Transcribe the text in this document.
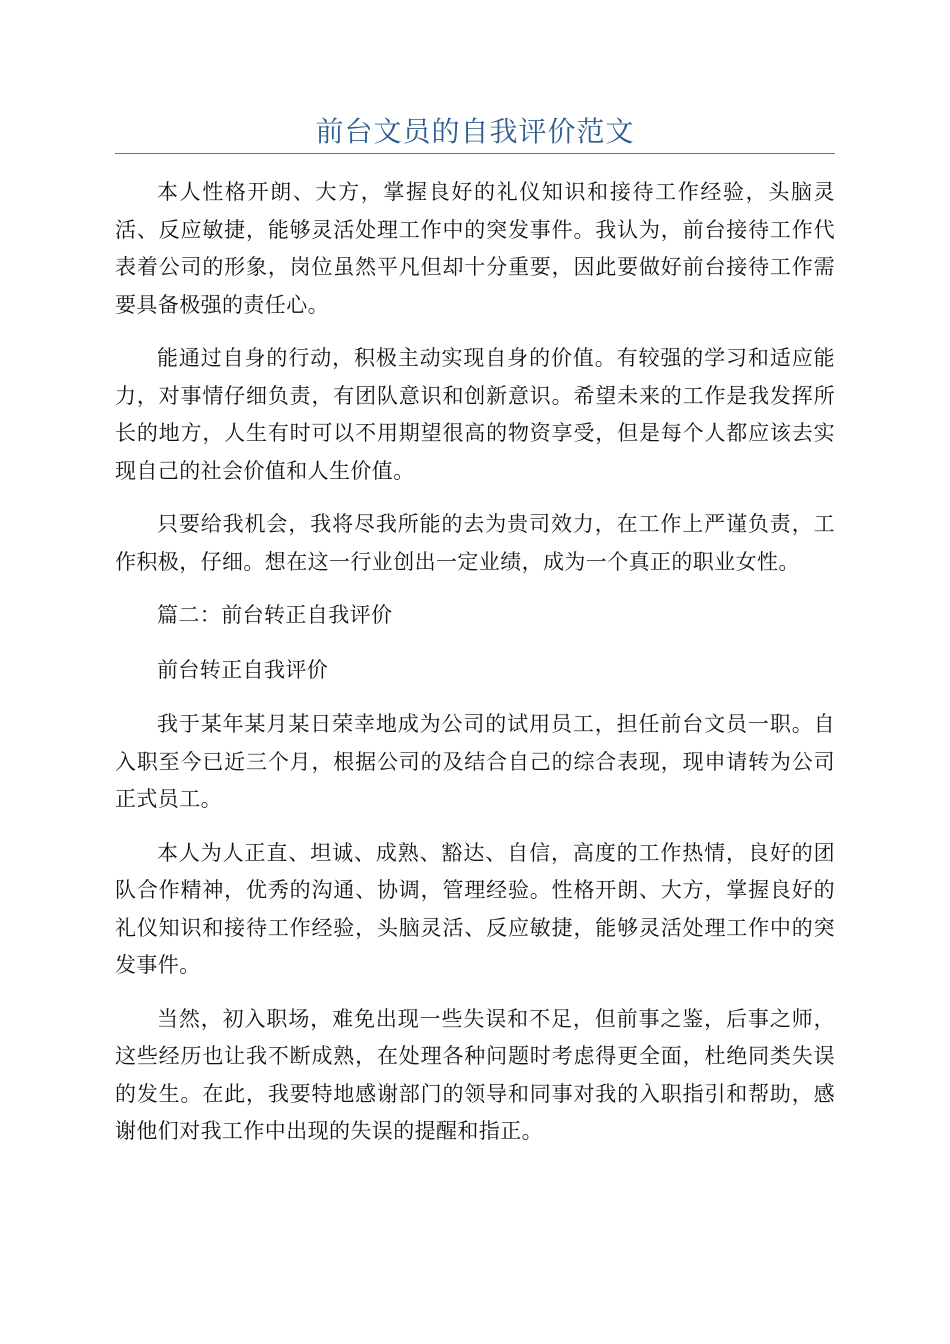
前台文员的自我评价范文

本人性格开朗、大方，掌握良好的礼仪知识和接待工作经验，头脑灵活、反应敏捷，能够灵活处理工作中的突发事件。我认为，前台接待工作代表着公司的形象，岗位虽然平凡但却十分重要，因此要做好前台接待工作需要具备极强的责任心。

能通过自身的行动，积极主动实现自身的价值。有较强的学习和适应能力，对事情仔细负责，有团队意识和创新意识。希望未来的工作是我发挥所长的地方，人生有时可以不用期望很高的物资享受，但是每个人都应该去实现自己的社会价值和人生价值。

只要给我机会，我将尽我所能的去为贵司效力，在工作上严谨负责，工作积极，仔细。想在这一行业创出一定业绩，成为一个真正的职业女性。

篇二：前台转正自我评价

前台转正自我评价

我于某年某月某日荣幸地成为公司的试用员工，担任前台文员一职。自入职至今已近三个月，根据公司的及结合自己的综合表现，现申请转为公司正式员工。

本人为人正直、坦诚、成熟、豁达、自信，高度的工作热情，良好的团队合作精神，优秀的沟通、协调，管理经验。性格开朗、大方，掌握良好的礼仪知识和接待工作经验，头脑灵活、反应敏捷，能够灵活处理工作中的突发事件。

当然，初入职场，难免出现一些失误和不足，但前事之鉴，后事之师，这些经历也让我不断成熟，在处理各种问题时考虑得更全面，杜绝同类失误的发生。在此，我要特地感谢部门的领导和同事对我的入职指引和帮助，感谢他们对我工作中出现的失误的提醒和指正。
